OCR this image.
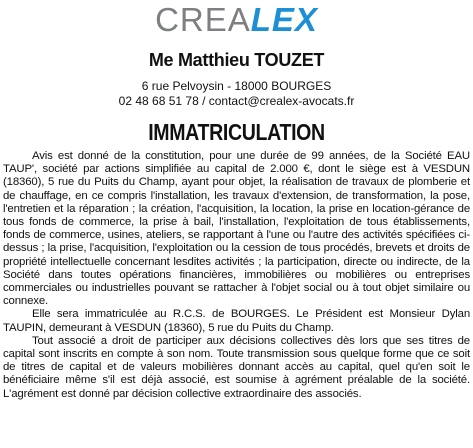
CREALEX
Me Matthieu TOUZET
6 rue Pelvoysin - 18000 BOURGES
02 48 68 51 78 / contact@crealex-avocats.fr
IMMATRICULATION

Avis est donné de la constitution, pour une durée de 99 années, de la Société EAU TAUP', société par actions simplifiée au capital de 2.000 €, dont le siège est à VESDUN (18360), 5 rue du Puits du Champ, ayant pour objet, la réalisation de travaux de plomberie et de chauffage, en ce compris l'installation, les travaux d'extension, de transformation, la pose, l'entretien et la réparation ; la création, l'acquisition, la location, la prise en location-gérance de tous fonds de commerce, la prise à bail, l'installation, l'exploitation de tous établissements, fonds de commerce, usines, ateliers, se rapportant à l'une ou l'autre des activités spécifiées ci-dessus ; la prise, l'acquisition, l'exploitation ou la cession de tous procédés, brevets et droits de propriété intellectuelle concernant lesdites activités ; la participation, directe ou indirecte, de la Société dans toutes opérations financières, immobilières ou mobilières ou entreprises commerciales ou industrielles pouvant se rattacher à l'objet social ou à tout objet similaire ou connexe.

Elle sera immatriculée au R.C.S. de BOURGES. Le Président est Monsieur Dylan TAUPIN, demeurant à VESDUN (18360), 5 rue du Puits du Champ.

Tout associé a droit de participer aux décisions collectives dès lors que ses titres de capital sont inscrits en compte à son nom. Toute transmission sous quelque forme que ce soit de titres de capital et de valeurs mobilières donnant accès au capital, quel qu'en soit le bénéficiaire même s'il est déjà associé, est soumise à agrément préalable de la société. L'agrément est donné par décision collective extraordinaire des associés.
